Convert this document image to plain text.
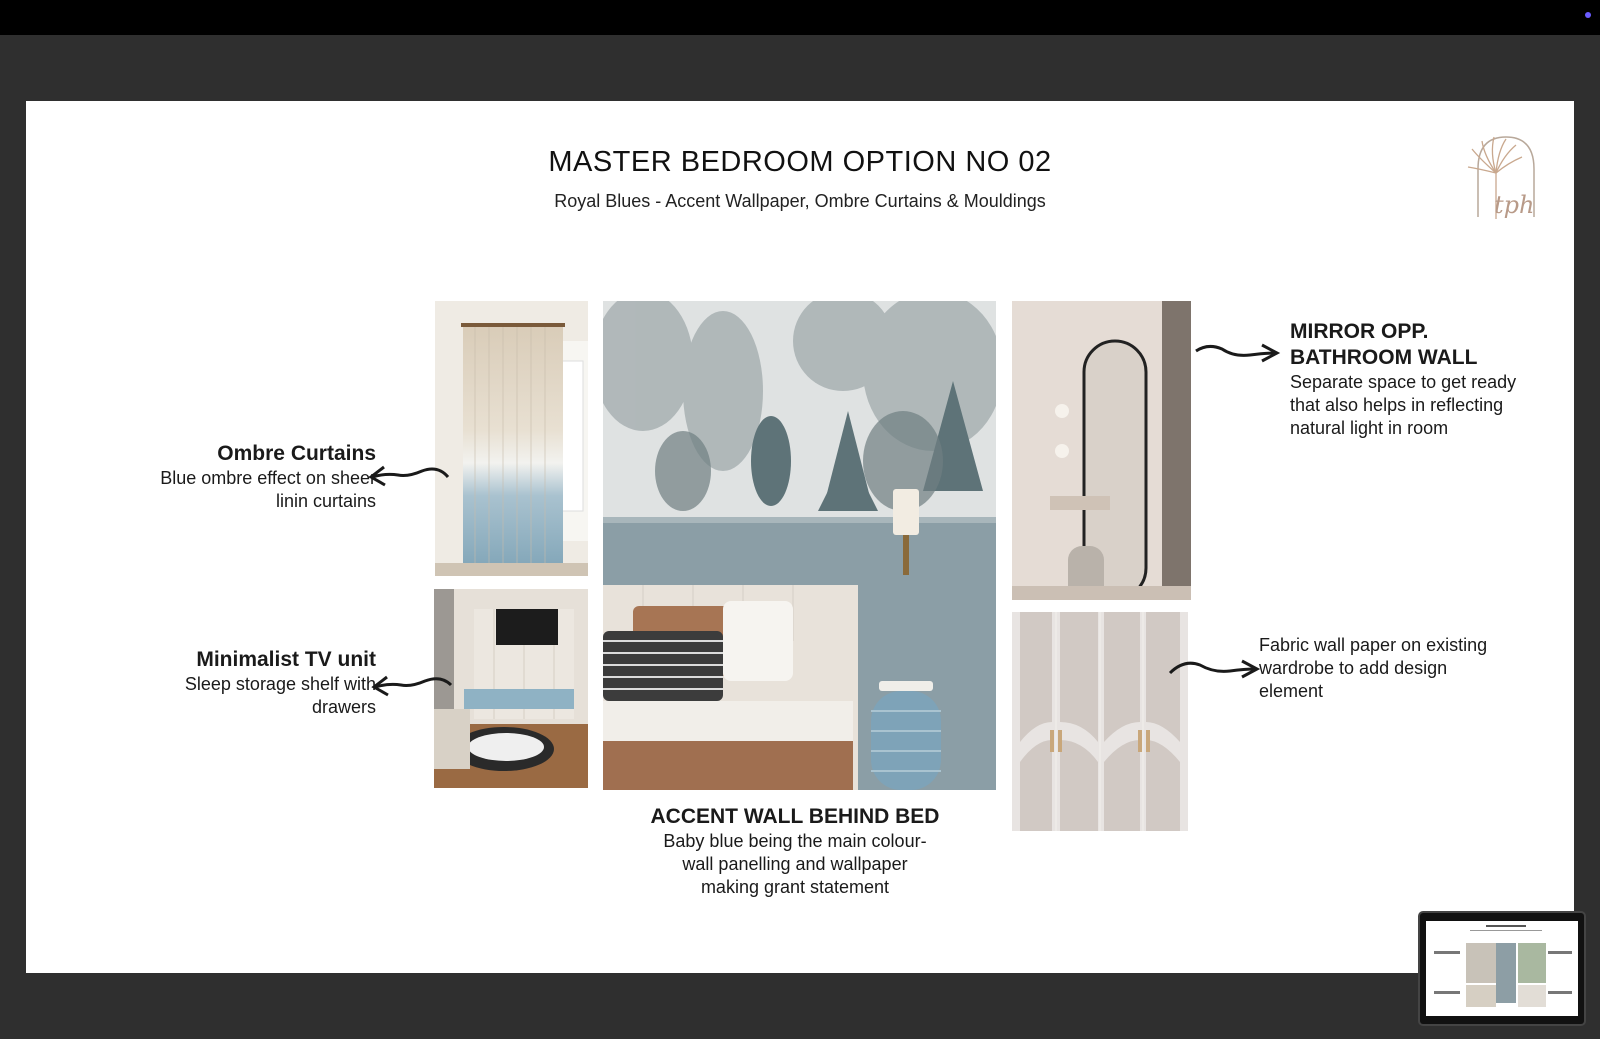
MASTER BEDROOM OPTION NO 02
Royal Blues - Accent Wallpaper, Ombre Curtains & Mouldings	tph
Ombre Curtains
Blue ombre effect on sheer
linin curtains
Minimalist TV unit
Sleep storage shelf with
drawers
ACCENT WALL BEHIND BED
Baby blue being the main colour-
wall panelling and wallpaper
making grant statement
MIRROR OPP.
BATHROOM WALL
Separate space to get ready
that also helps in reflecting
natural light in room
Fabric wall paper on existing
wardrobe to add design
element
